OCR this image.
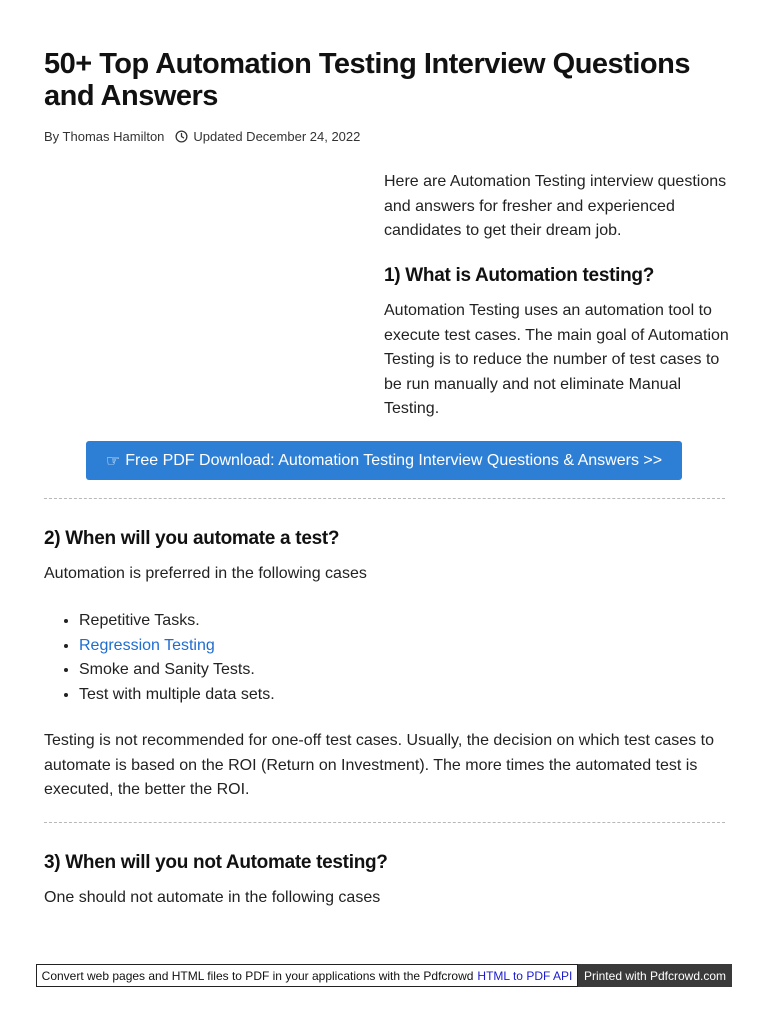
50+ Top Automation Testing Interview Questions and Answers
By Thomas Hamilton Updated December 24, 2022

Here are Automation Testing interview questions and answers for fresher and experienced candidates to get their dream job.

1) What is Automation testing?

Automation Testing uses an automation tool to execute test cases. The main goal of Automation Testing is to reduce the number of test cases to be run manually and not eliminate Manual Testing.

☞ Free PDF Download: Automation Testing Interview Questions & Answers >>
2) When will you automate a test?

Automation is preferred in the following cases

• Repetitive Tasks.
• Regression Testing
• Smoke and Sanity Tests.
• Test with multiple data sets.

Testing is not recommended for one-off test cases. Usually, the decision on which test cases to automate is based on the ROI (Return on Investment). The more times the automated test is executed, the better the ROI.

3) When will you not Automate testing?

One should not automate in the following cases

Convert web pages and HTML files to PDF in your applications with the Pdfcrowd HTML to PDF API Printed with Pdfcrowd.com
